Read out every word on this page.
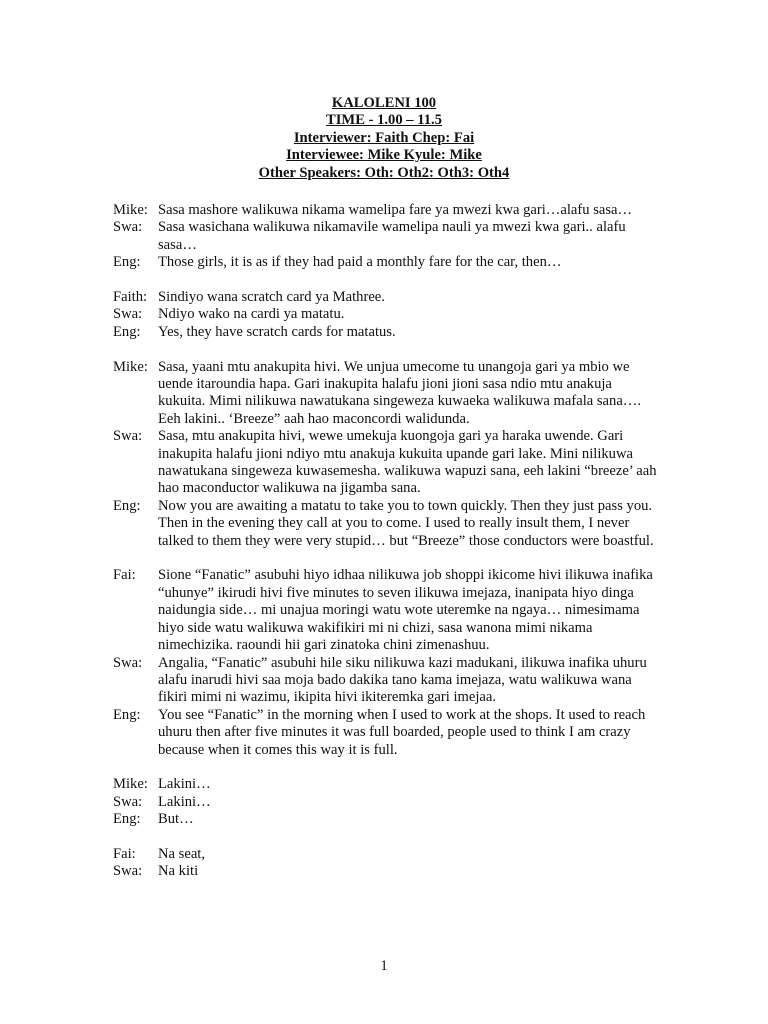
KALOLENI 100
TIME - 1.00 – 11.5
Interviewer: Faith Chep: Fai
Interviewee: Mike Kyule: Mike
Other Speakers: Oth: Oth2: Oth3: Oth4
Mike: Sasa mashore walikuwa nikama wamelipa fare ya mwezi kwa gari…alafu sasa…
Swa:	Sasa wasichana walikuwa nikamavile wamelipa nauli ya mwezi kwa gari.. alafu sasa…
Eng:	Those girls, it is as if they had paid a monthly fare for the car, then…
Faith: Sindiyo wana scratch card ya Mathree.
Swa:	Ndiyo wako na cardi ya matatu.
Eng:	Yes, they have scratch cards for matatus.
Mike: Sasa, yaani mtu anakupita hivi. We unjua umecome tu unangoja gari ya mbio we uende itaroundia hapa. Gari inakupita halafu jioni jioni sasa ndio mtu anakuja kukuita. Mimi nilikuwa nawatukana singeweza kuwaeka walikuwa mafala sana…. Eeh lakini.. ‘Breeze” aah hao maconcordi walidunda.
Swa:	Sasa, mtu anakupita hivi, wewe umekuja kuongoja gari ya haraka uwende. Gari inakupita halafu jioni ndiyo mtu anakuja kukuita upande gari lake. Mini nilikuwa nawatukana singeweza kuwasemesha. walikuwa wapuzi sana, eeh lakini “breeze’ aah hao maconductor walikuwa na jigamba sana.
Eng:	Now you are awaiting a matatu to take you to town quickly. Then they just pass you. Then in the evening they call at you to come. I used to really insult them, I never talked to them they were very stupid… but “Breeze” those conductors were boastful.
Fai:	Sione “Fanatic” asubuhi hiyo idhaa nilikuwa job shoppi ikicome hivi ilikuwa inafika “uhunye” ikirudi hivi five minutes to seven ilikuwa imejaza, inanipata hiyo dinga naidungia side… mi unajua moringi watu wote uteremke na ngaya… nimesimama hiyo side watu walikuwa wakifikiri mi ni chizi, sasa wanona mimi nikama nimechizika. raoundi hii gari zinatoka chini zimenashuu.
Swa:	Angalia, “Fanatic” asubuhi hile siku nilikuwa kazi madukani, ilikuwa inafika uhuru alafu inarudi hivi saa moja bado dakika tano kama imejaza, watu walikuwa wana fikiri mimi ni wazimu, ikipita hivi ikiteremka gari imejaa.
Eng:	You see “Fanatic” in the morning when I used to work at the shops. It used to reach uhuru then after five minutes it was full boarded, people used to think I am crazy because when it comes this way it is full.
Mike: Lakini…
Swa:	Lakini…
Eng:	But…
Fai:	Na seat,
Swa:	Na kiti
1
